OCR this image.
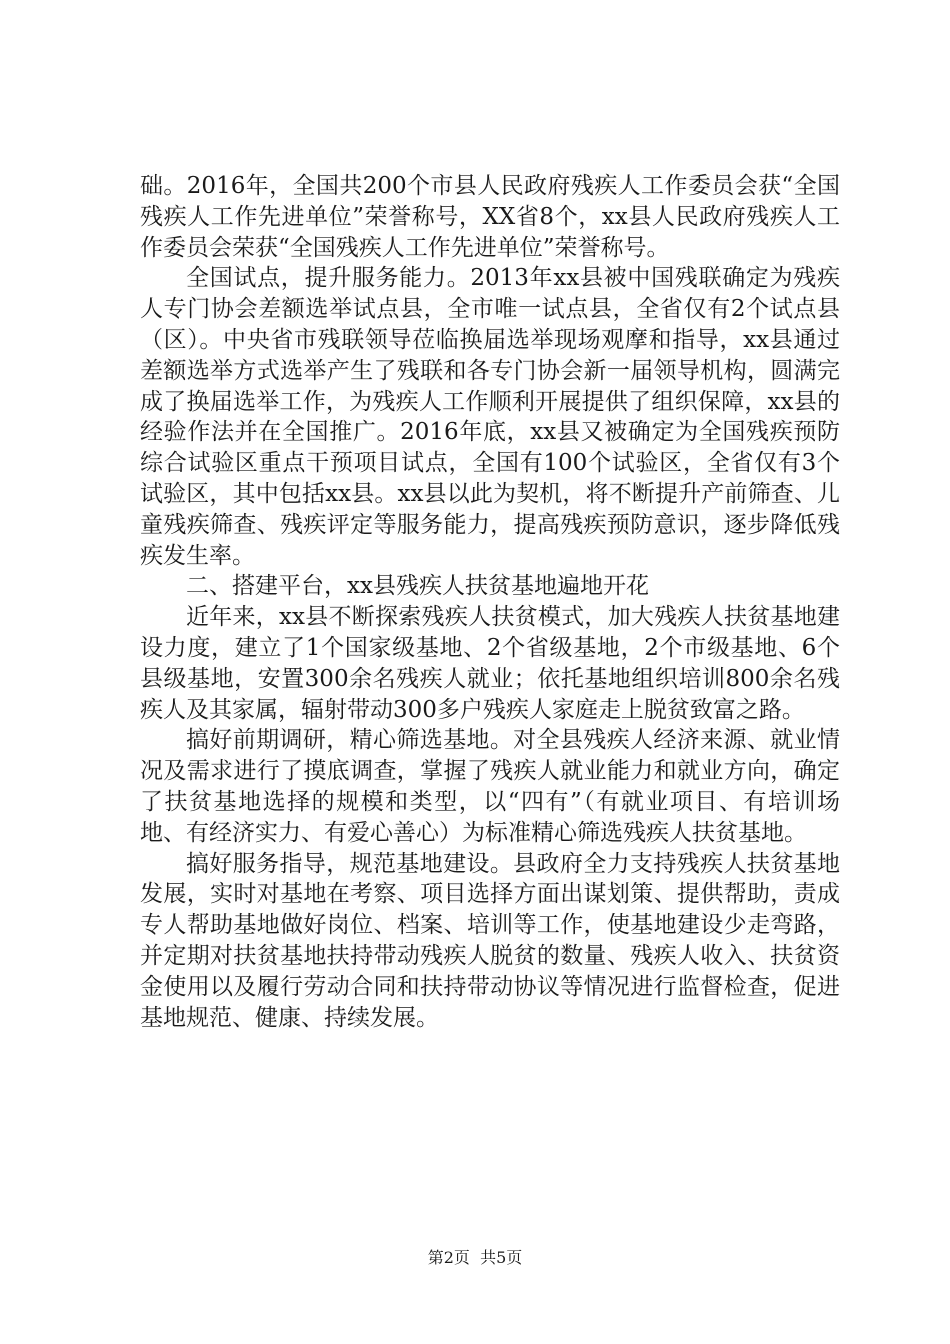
础。2016年，全国共200个市县人民政府残疾人工作委员会获“全国残疾人工作先进单位”荣誉称号，XX省8个，xx县人民政府残疾人工作委员会荣获“全国残疾人工作先进单位”荣誉称号。

全国试点，提升服务能力。2013年xx县被中国残联确定为残疾人专门协会差额选举试点县，全市唯一试点县，全省仅有2个试点县（区）。中央省市残联领导莅临换届选举现场观摩和指导，xx县通过差额选举方式选举产生了残联和各专门协会新一届领导机构，圆满完成了换届选举工作，为残疾人工作顺利开展提供了组织保障，xx县的经验作法并在全国推广。2016年底，xx县又被确定为全国残疾预防综合试验区重点干预项目试点，全国有100个试验区，全省仅有3个试验区，其中包括xx县。xx县以此为契机，将不断提升产前筛查、儿童残疾筛查、残疾评定等服务能力，提高残疾预防意识，逐步降低残疾发生率。

二、搭建平台，xx县残疾人扶贫基地遍地开花

近年来，xx县不断探索残疾人扶贫模式，加大残疾人扶贫基地建设力度，建立了1个国家级基地、2个省级基地，2个市级基地、6个县级基地，安置300余名残疾人就业；依托基地组织培训800余名残疾人及其家属，辐射带动300多户残疾人家庭走上脱贫致富之路。

搞好前期调研，精心筛选基地。对全县残疾人经济来源、就业情况及需求进行了摸底调查，掌握了残疾人就业能力和就业方向，确定了扶贫基地选择的规模和类型，以“四有”（有就业项目、有培训场地、有经济实力、有爱心善心）为标准精心筛选残疾人扶贫基地。

搞好服务指导，规范基地建设。县政府全力支持残疾人扶贫基地发展，实时对基地在考察、项目选择方面出谋划策、提供帮助，责成专人帮助基地做好岗位、档案、培训等工作，使基地建设少走弯路，并定期对扶贫基地扶持带动残疾人脱贫的数量、残疾人收入、扶贫资金使用以及履行劳动合同和扶持带动协议等情况进行监督检查，促进基地规范、健康、持续发展。

第2页  共5页
